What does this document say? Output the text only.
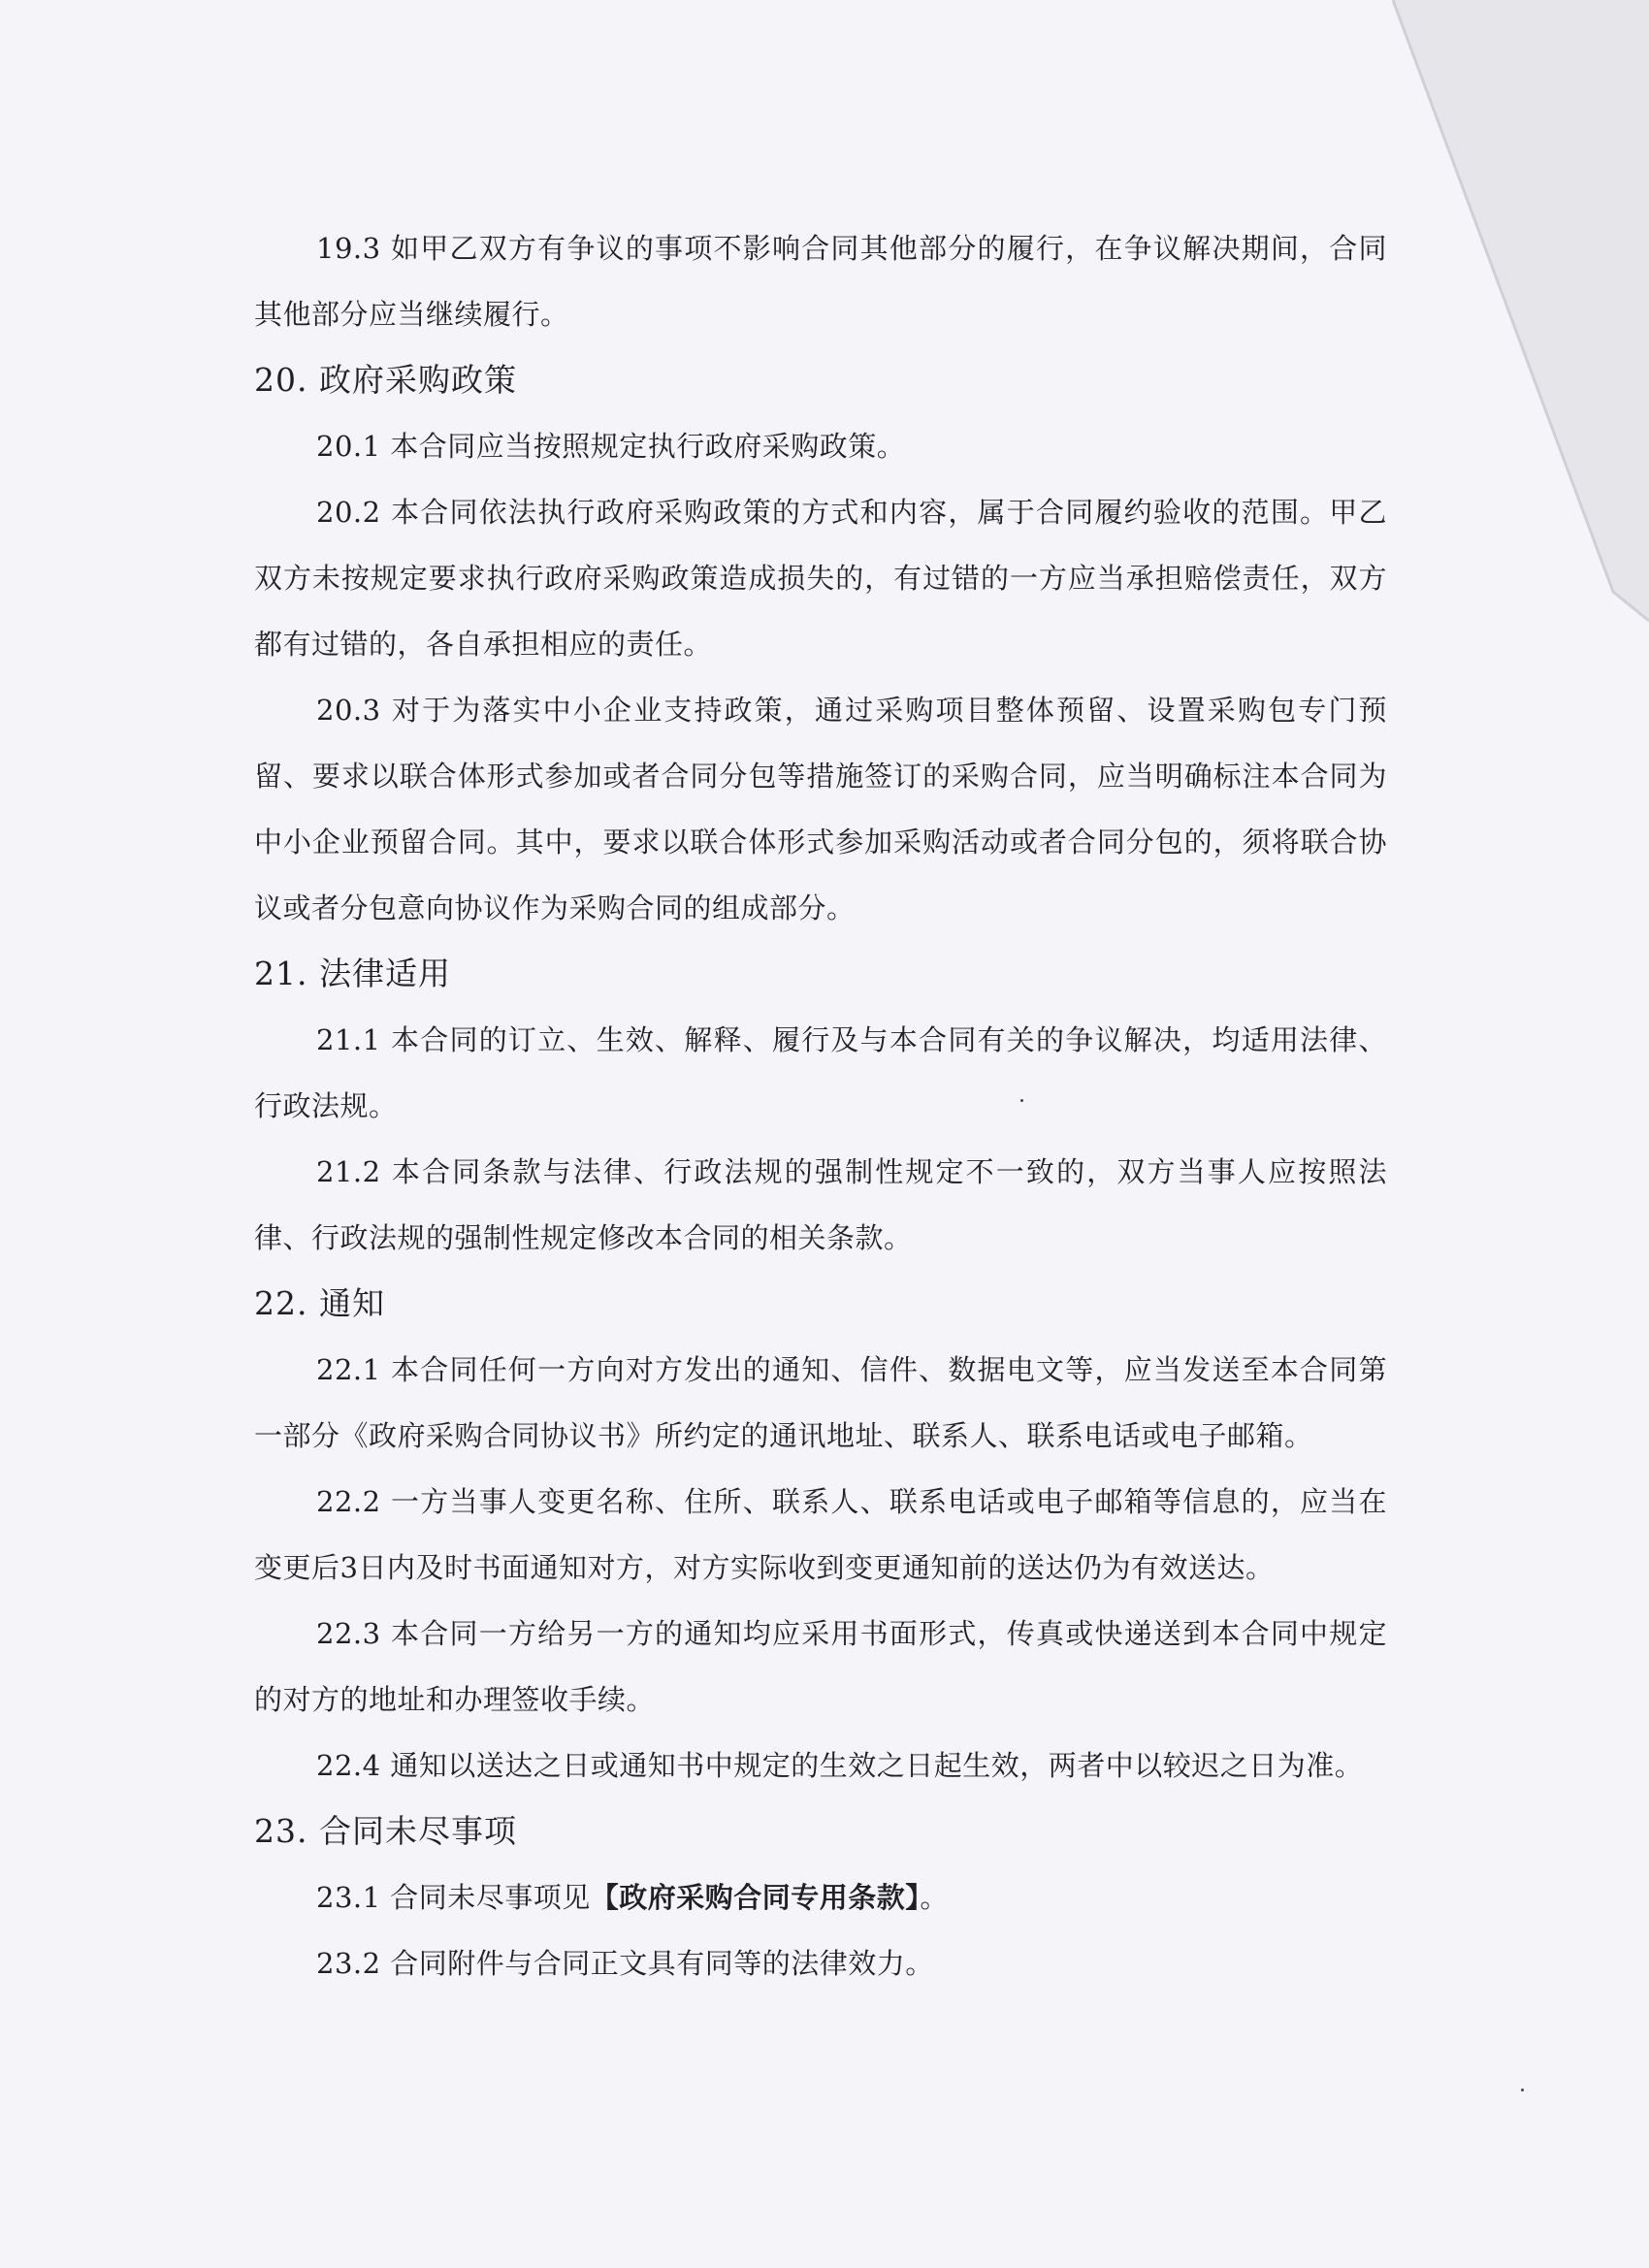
19.3 如甲乙双方有争议的事项不影响合同其他部分的履行，在争议解决期间，合同其他部分应当继续履行。

20. 政府采购政策

20.1 本合同应当按照规定执行政府采购政策。

20.2 本合同依法执行政府采购政策的方式和内容，属于合同履约验收的范围。甲乙双方未按规定要求执行政府采购政策造成损失的，有过错的一方应当承担赔偿责任，双方都有过错的，各自承担相应的责任。

20.3 对于为落实中小企业支持政策，通过采购项目整体预留、设置采购包专门预留、要求以联合体形式参加或者合同分包等措施签订的采购合同，应当明确标注本合同为中小企业预留合同。其中，要求以联合体形式参加采购活动或者合同分包的，须将联合协议或者分包意向协议作为采购合同的组成部分。

21. 法律适用

21.1 本合同的订立、生效、解释、履行及与本合同有关的争议解决，均适用法律、行政法规。

21.2 本合同条款与法律、行政法规的强制性规定不一致的，双方当事人应按照法律、行政法规的强制性规定修改本合同的相关条款。

22. 通知

22.1 本合同任何一方向对方发出的通知、信件、数据电文等，应当发送至本合同第一部分《政府采购合同协议书》所约定的通讯地址、联系人、联系电话或电子邮箱。

22.2 一方当事人变更名称、住所、联系人、联系电话或电子邮箱等信息的，应当在变更后3日内及时书面通知对方，对方实际收到变更通知前的送达仍为有效送达。

22.3 本合同一方给另一方的通知均应采用书面形式，传真或快递送到本合同中规定的对方的地址和办理签收手续。

22.4 通知以送达之日或通知书中规定的生效之日起生效，两者中以较迟之日为准。

23. 合同未尽事项

23.1 合同未尽事项见【政府采购合同专用条款】。

23.2 合同附件与合同正文具有同等的法律效力。
